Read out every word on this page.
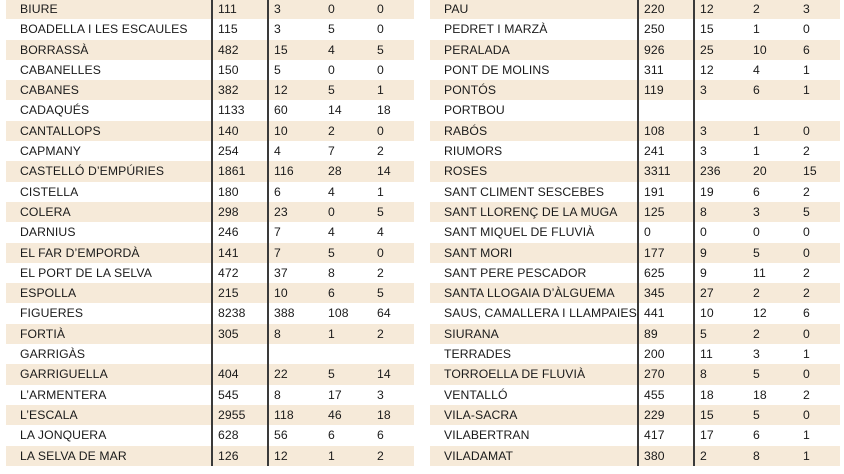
BIURE	111	3	0	0
BOADELLA I LES ESCAULES	115	3	5	0
BORRASSÀ	482	15	4	5
CABANELLES	150	5	0	0
CABANES	382	12	5	1
CADAQUÉS	1133	60	14	18
CANTALLOPS	140	10	2	0
CAPMANY	254	4	7	2
CASTELLÓ D’EMPÚRIES	1861	116	28	14
CISTELLA	180	6	4	1
COLERA	298	23	0	5
DARNIUS	246	7	4	4
EL FAR D’EMPORDÀ	141	7	5	0
EL PORT DE LA SELVA	472	37	8	2
ESPOLLA	215	10	6	5
FIGUERES	8238	388	108	64
FORTIÀ	305	8	1	2
GARRIGÀS				
GARRIGUELLA	404	22	5	14
L’ARMENTERA	545	8	17	3
L’ESCALA	2955	118	46	18
LA JONQUERA	628	56	6	6
LA SELVA DE MAR	126	12	1	2
PAU	220	12	2	3
PEDRET I MARZÀ	250	15	1	0
PERALADA	926	25	10	6
PONT DE MOLINS	311	12	4	1
PONTÓS	119	3	6	1
PORTBOU				
RABÓS	108	3	1	0
RIUMORS	241	3	1	2
ROSES	3311	236	20	15
SANT CLIMENT SESCEBES	191	19	6	2
SANT LLORENÇ DE LA MUGA	125	8	3	5
SANT MIQUEL DE FLUVIÀ	0	0	0	0
SANT MORI	177	9	5	0
SANT PERE PESCADOR	625	9	11	2
SANTA LLOGAIA D’ÀLGUEMA	345	27	2	2
SAUS, CAMALLERA I LLAMPAIES	441	10	12	6
SIURANA	89	5	2	0
TERRADES	200	11	3	1
TORROELLA DE FLUVIÀ	270	8	5	0
VENTALLÓ	455	18	18	2
VILA-SACRA	229	15	5	0
VILABERTRAN	417	17	6	1
VILADAMAT	380	2	8	1
